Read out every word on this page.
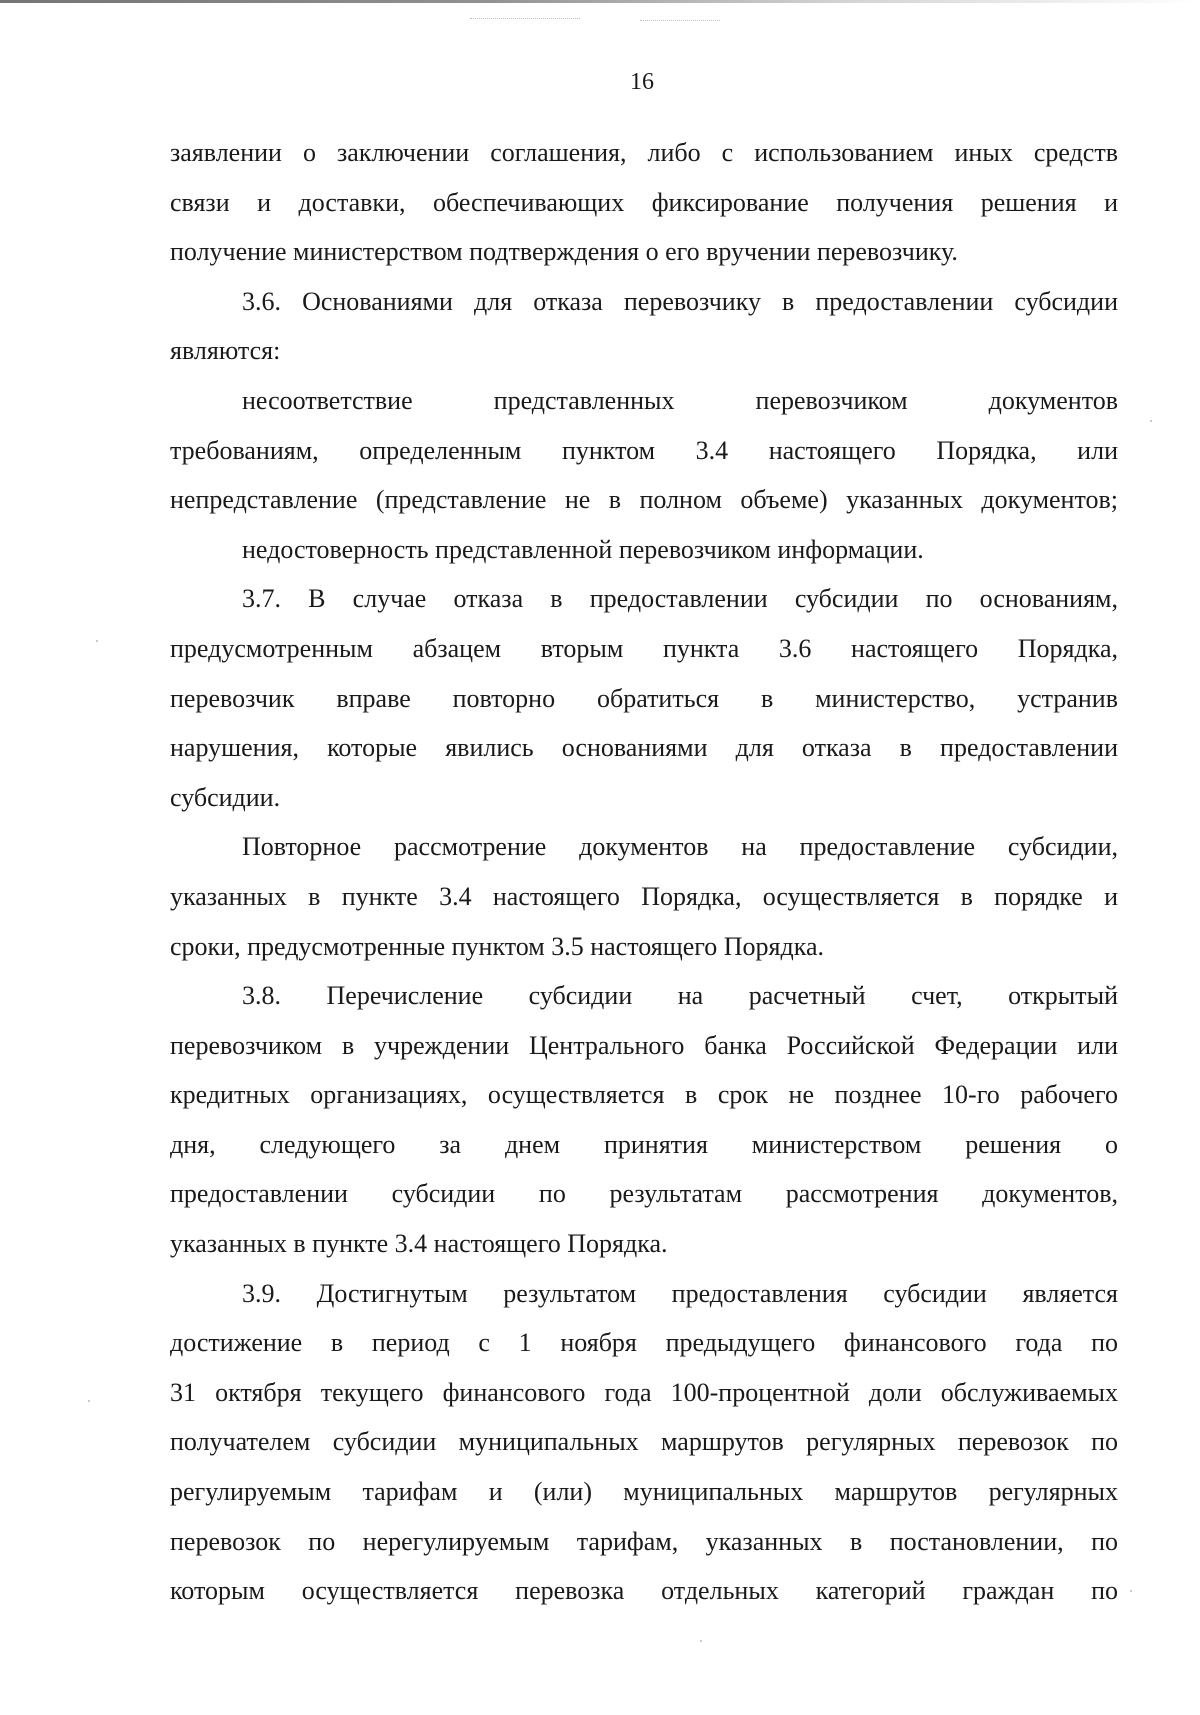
16
заявлении о заключении соглашения, либо с использованием иных средств
связи и доставки, обеспечивающих фиксирование получения решения и
получение министерством подтверждения о его вручении перевозчику.
3.6. Основаниями для отказа перевозчику в предоставлении субсидии
являются:
несоответствие представленных перевозчиком документов
требованиям, определенным пунктом 3.4 настоящего Порядка, или
непредставление (представление не в полном объеме) указанных документов;
недостоверность представленной перевозчиком информации.
3.7. В случае отказа в предоставлении субсидии по основаниям,
предусмотренным абзацем вторым пункта 3.6 настоящего Порядка,
перевозчик вправе повторно обратиться в министерство, устранив
нарушения, которые явились основаниями для отказа в предоставлении
субсидии.
Повторное рассмотрение документов на предоставление субсидии,
указанных в пункте 3.4 настоящего Порядка, осуществляется в порядке и
сроки, предусмотренные пунктом 3.5 настоящего Порядка.
3.8. Перечисление субсидии на расчетный счет, открытый
перевозчиком в учреждении Центрального банка Российской Федерации или
кредитных организациях, осуществляется в срок не позднее 10-го рабочего
дня, следующего за днем принятия министерством решения о
предоставлении субсидии по результатам рассмотрения документов,
указанных в пункте 3.4 настоящего Порядка.
3.9. Достигнутым результатом предоставления субсидии является
достижение в период с 1 ноября предыдущего финансового года по
31 октября текущего финансового года 100-процентной доли обслуживаемых
получателем субсидии муниципальных маршрутов регулярных перевозок по
регулируемым тарифам и (или) муниципальных маршрутов регулярных
перевозок по нерегулируемым тарифам, указанных в постановлении, по
которым осуществляется перевозка отдельных категорий граждан по
